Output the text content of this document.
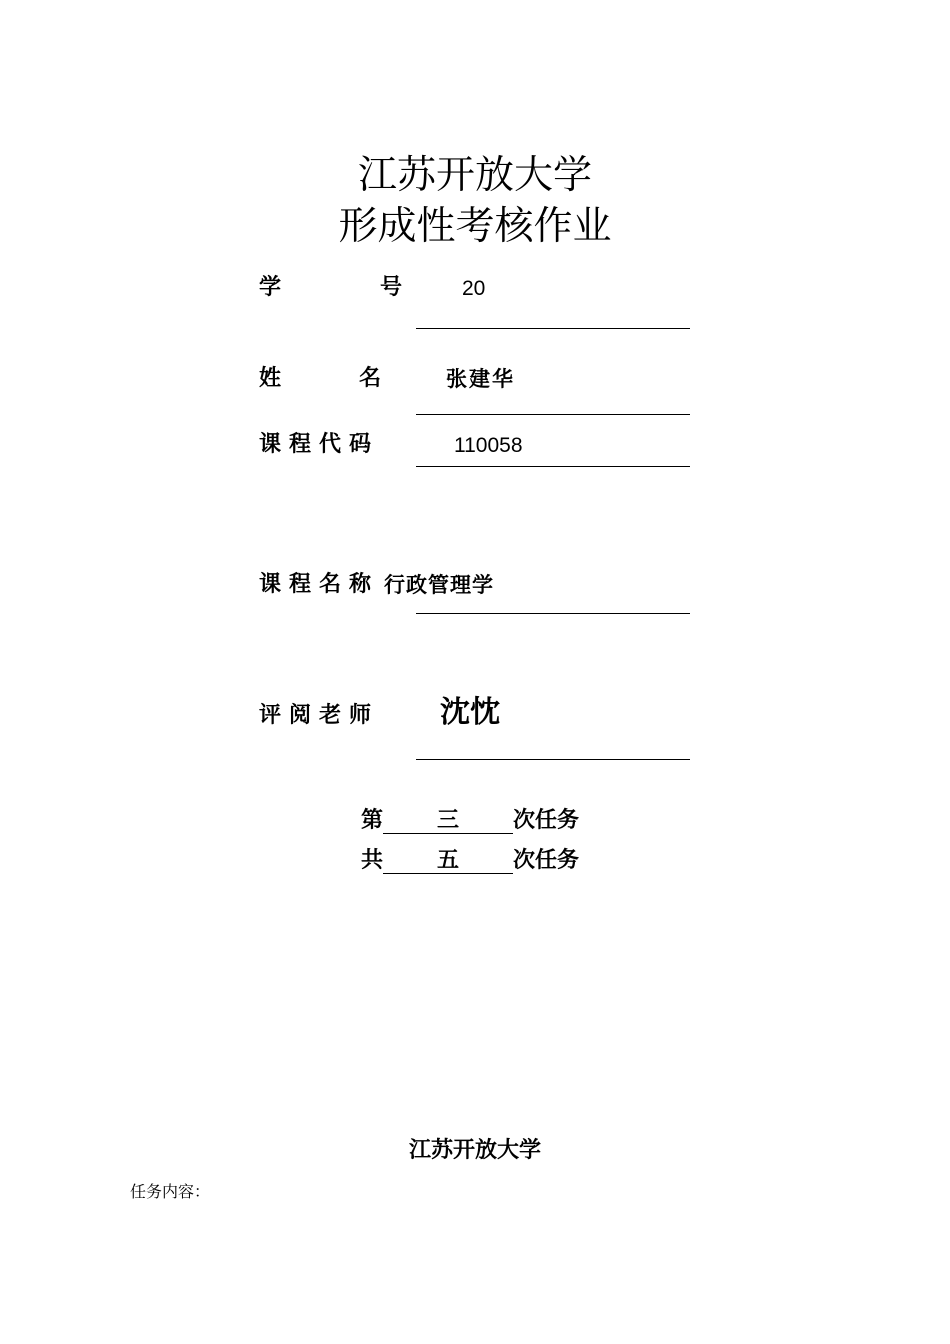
江苏开放大学
形成性考核作业
学	号	20
姓	名	张建华
课程代码	110058
课程名称 行政管理学
评阅老师 沈忱
第 三 次任务
共 五 次任务
江苏开放大学
任务内容：
